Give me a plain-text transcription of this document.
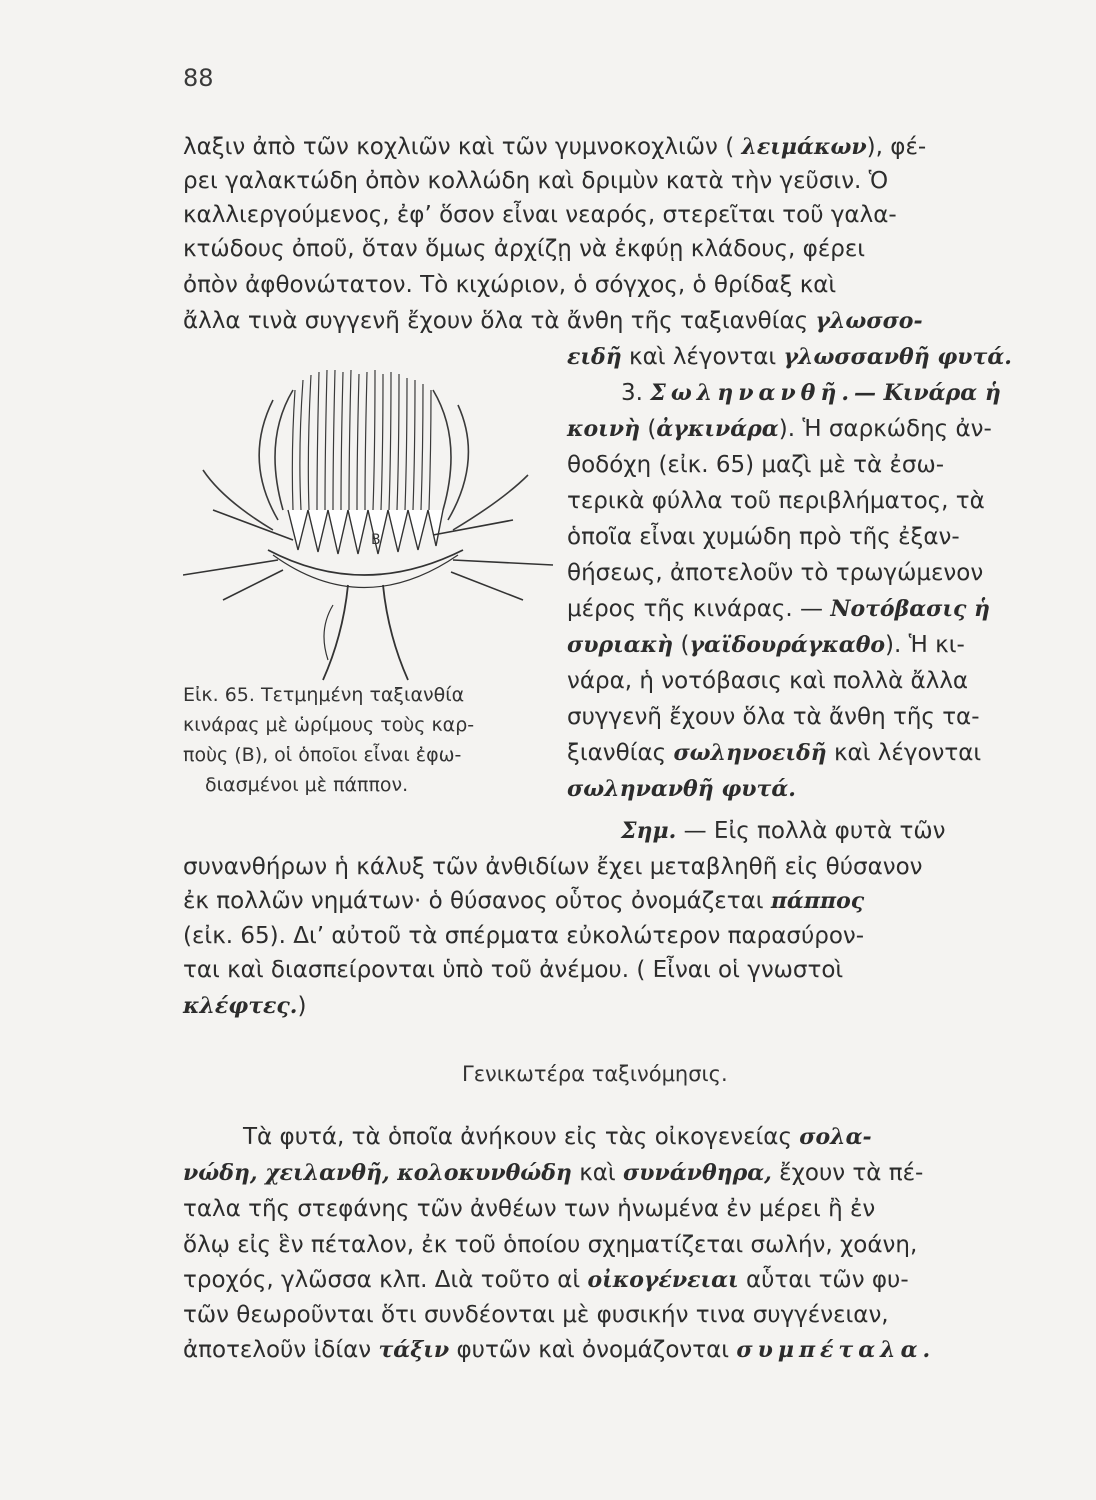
88
λαξιν ἀπὸ τῶν κοχλιῶν καὶ τῶν γυμνοκοχλιῶν ( λειμάκων), φέ-
ρει γαλακτώδη ὀπὸν κολλώδη καὶ δριμὺν κατὰ τὴν γεῦσιν. Ὁ
καλλιεργούμενος, ἐφ’ ὅσον εἶναι νεαρός, στερεῖται τοῦ γαλα-
κτώδους ὀποῦ, ὅταν ὅμως ἀρχίζῃ νὰ ἐκφύῃ κλάδους, φέρει
ὀπὸν ἀφθονώτατον. Τὸ κιχώριον, ὁ σόγχος, ὁ θρίδαξ καὶ
ἄλλα τινὰ συγγενῆ ἔχουν ὅλα τὰ ἄνθη τῆς ταξιανθίας γλωσσο-
ειδῆ καὶ λέγονται γλωσσανθῆ φυτά.
3. Σωληνανθῆ.— Κινάρα ἡ
κοινὴ (ἀγκινάρα). Ἡ σαρκώδης ἀν-
θοδόχη (εἰκ. 65) μαζὶ μὲ τὰ ἐσω-
τερικὰ φύλλα τοῦ περιβλήματος, τὰ
ὁποῖα εἶναι χυμώδη πρὸ τῆς ἐξαν-
θήσεως, ἀποτελοῦν τὸ τρωγώμενον
μέρος τῆς κινάρας. — Νοτόβασις ἡ
συριακὴ (γαϊδουράγκαθο). Ἡ κι-
νάρα, ἡ νοτόβασις καὶ πολλὰ ἄλλα
συγγενῆ ἔχουν ὅλα τὰ ἄνθη τῆς τα-
ξιανθίας σωληνοειδῆ καὶ λέγονται
σωληνανθῆ φυτά.
B
Εἰκ. 65. Τετμημένη ταξιανθία
κινάρας μὲ ὡρίμους τοὺς καρ-
ποὺς (Β), οἱ ὁποῖοι εἶναι ἐφω-
διασμένοι μὲ πάππον.
Σημ. — Εἰς πολλὰ φυτὰ τῶν
συνανθήρων ἡ κάλυξ τῶν ἀνθιδίων ἔχει μεταβληθῆ εἰς θύσανον
ἐκ πολλῶν νημάτων· ὁ θύσανος οὗτος ὀνομάζεται πάππος
(εἰκ. 65). Δι’ αὐτοῦ τὰ σπέρματα εὐκολώτερον παρασύρον-
ται καὶ διασπείρονται ὑπὸ τοῦ ἀνέμου. ( Εἶναι οἱ γνωστοὶ
κλέφτες.)
Γενικωτέρα ταξινόμησις.
Τὰ φυτά, τὰ ὁποῖα ἀνήκουν εἰς τὰς οἰκογενείας σολα-
νώδη, χειλανθῆ, κολοκυνθώδη καὶ συνάνθηρα, ἔχουν τὰ πέ-
ταλα τῆς στεφάνης τῶν ἀνθέων των ἡνωμένα ἐν μέρει ἢ ἐν
ὅλῳ εἰς ἓν πέταλον, ἐκ τοῦ ὁποίου σχηματίζεται σωλήν, χοάνη,
τροχός, γλῶσσα κλπ. Διὰ τοῦτο αἱ οἰκογένειαι αὗται τῶν φυ-
τῶν θεωροῦνται ὅτι συνδέονται μὲ φυσικήν τινα συγγένειαν,
ἀποτελοῦν ἰδίαν τάξιν φυτῶν καὶ ὀνομάζονται συμπέταλα.
